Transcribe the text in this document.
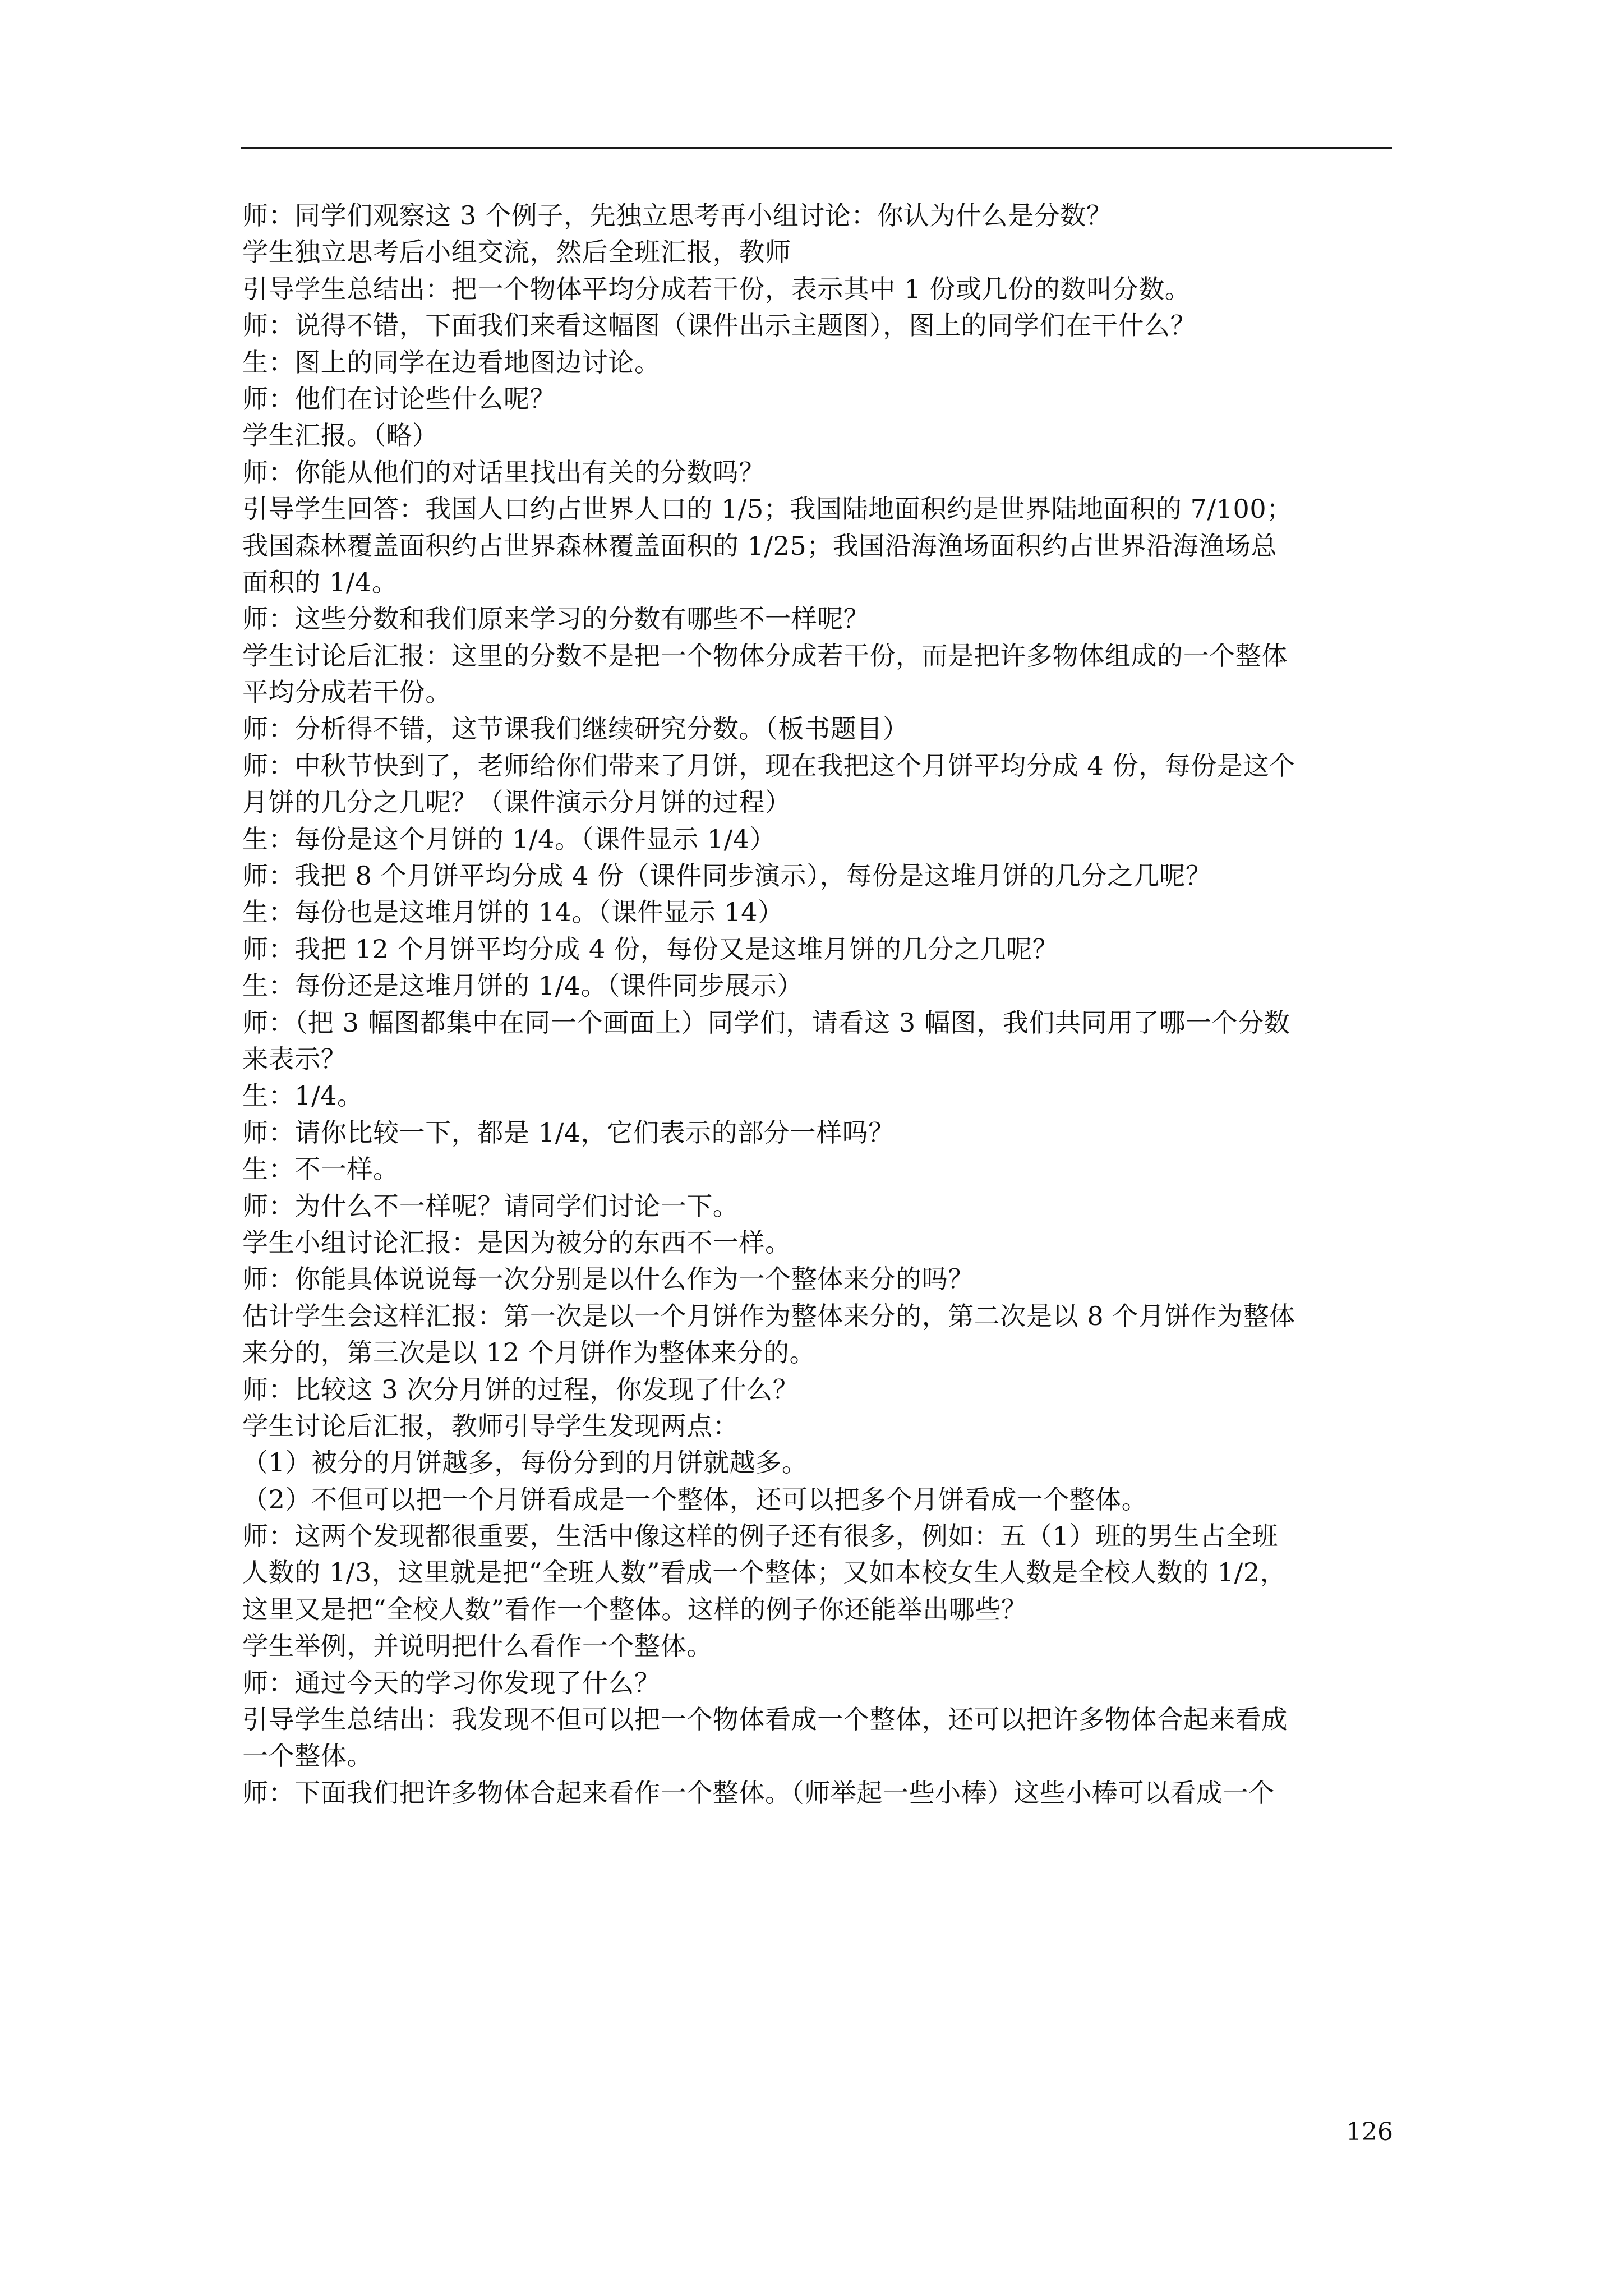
师：同学们观察这 3 个例子，先独立思考再小组讨论：你认为什么是分数？
学生独立思考后小组交流，然后全班汇报，教师
引导学生总结出：把一个物体平均分成若干份，表示其中 1 份或几份的数叫分数。
师：说得不错，下面我们来看这幅图（课件出示主题图），图上的同学们在干什么？
生：图上的同学在边看地图边讨论。
师：他们在讨论些什么呢？
学生汇报。（略）
师：你能从他们的对话里找出有关的分数吗？
引导学生回答：我国人口约占世界人口的 1/5；我国陆地面积约是世界陆地面积的 7/100；
我国森林覆盖面积约占世界森林覆盖面积的 1/25；我国沿海渔场面积约占世界沿海渔场总
面积的 1/4。
师：这些分数和我们原来学习的分数有哪些不一样呢？
学生讨论后汇报：这里的分数不是把一个物体分成若干份，而是把许多物体组成的一个整体
平均分成若干份。
师：分析得不错，这节课我们继续研究分数。（板书题目）
师：中秋节快到了，老师给你们带来了月饼，现在我把这个月饼平均分成 4 份，每份是这个
月饼的几分之几呢？（课件演示分月饼的过程）
生：每份是这个月饼的 1/4。（课件显示 1/4）
师：我把 8 个月饼平均分成 4 份（课件同步演示），每份是这堆月饼的几分之几呢？
生：每份也是这堆月饼的 14。（课件显示 14）
师：我把 12 个月饼平均分成 4 份，每份又是这堆月饼的几分之几呢？
生：每份还是这堆月饼的 1/4。（课件同步展示）
师：（把 3 幅图都集中在同一个画面上）同学们，请看这 3 幅图，我们共同用了哪一个分数
来表示？
生：1/4。
师：请你比较一下，都是 1/4，它们表示的部分一样吗？
生：不一样。
师：为什么不一样呢？请同学们讨论一下。
学生小组讨论汇报：是因为被分的东西不一样。
师：你能具体说说每一次分别是以什么作为一个整体来分的吗？
估计学生会这样汇报：第一次是以一个月饼作为整体来分的，第二次是以 8 个月饼作为整体
来分的，第三次是以 12 个月饼作为整体来分的。
师：比较这 3 次分月饼的过程，你发现了什么？
学生讨论后汇报，教师引导学生发现两点：
（1）被分的月饼越多，每份分到的月饼就越多。
（2）不但可以把一个月饼看成是一个整体，还可以把多个月饼看成一个整体。
师：这两个发现都很重要，生活中像这样的例子还有很多，例如：五（1）班的男生占全班
人数的 1/3，这里就是把“全班人数”看成一个整体；又如本校女生人数是全校人数的 1/2，
这里又是把“全校人数”看作一个整体。这样的例子你还能举出哪些？
学生举例，并说明把什么看作一个整体。
师：通过今天的学习你发现了什么？
引导学生总结出：我发现不但可以把一个物体看成一个整体，还可以把许多物体合起来看成
一个整体。
师：下面我们把许多物体合起来看作一个整体。（师举起一些小棒）这些小棒可以看成一个
126
